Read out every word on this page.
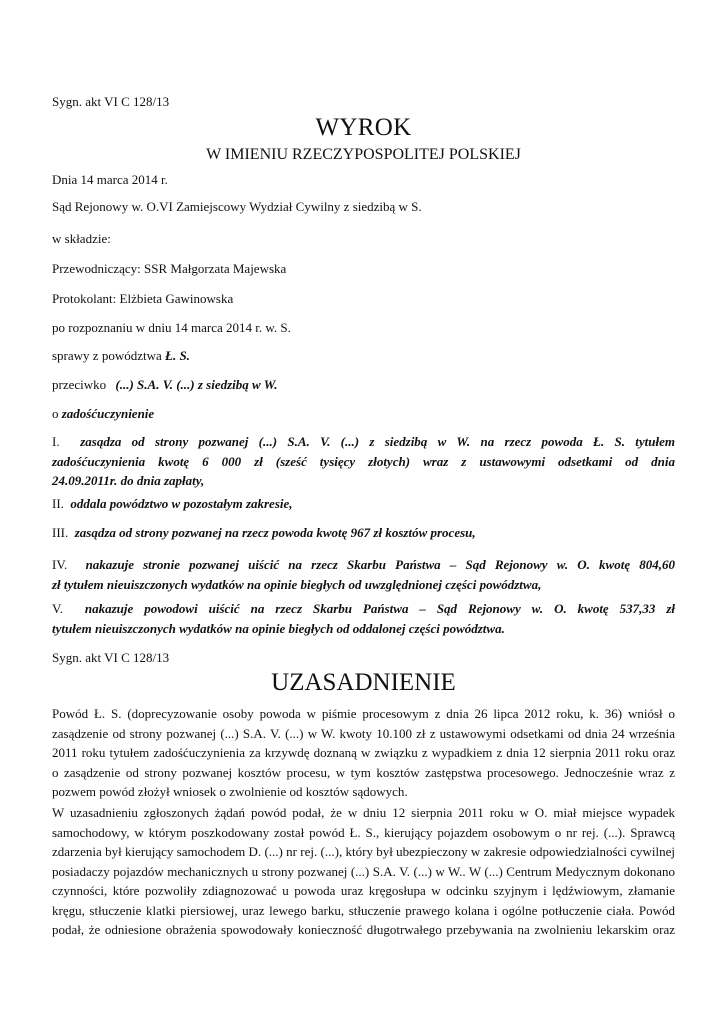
Sygn. akt VI C 128/13
WYROK
W IMIENIU RZECZYPOSPOLITEJ POLSKIEJ
Dnia 14 marca 2014 r.
Sąd Rejonowy w. O.VI Zamiejscowy Wydział Cywilny z siedzibą w S.
w składzie:
Przewodniczący: SSR Małgorzata Majewska
Protokolant: Elżbieta Gawinowska
po rozpoznaniu w dniu 14 marca 2014 r. w. S.
sprawy z powództwa Ł. S.
przeciwko (...) S.A. V. (...) z siedzibą w W.
o zadośćuczynienie
I. zasądza od strony pozwanej (...) S.A. V. (...) z siedzibą w W. na rzecz powoda Ł. S. tytułem
zadośćuczynienia kwotę 6 000 zł (sześć tysięcy złotych) wraz z ustawowymi odsetkami od dnia
24.09.2011r. do dnia zapłaty,
II. oddala powództwo w pozostałym zakresie,
III. zasądza od strony pozwanej na rzecz powoda kwotę 967 zł kosztów procesu,
IV. nakazuje stronie pozwanej uiścić na rzecz Skarbu Państwa – Sąd Rejonowy w. O. kwotę 804,60
zł tytułem nieuiszczonych wydatków na opinie biegłych od uwzględnionej części powództwa,
V. nakazuje powodowi uiścić na rzecz Skarbu Państwa – Sąd Rejonowy w. O. kwotę 537,33 zł
tytułem nieuiszczonych wydatków na opinie biegłych od oddalonej części powództwa.
Sygn. akt VI C 128/13
UZASADNIENIE
Powód Ł. S. (doprecyzowanie osoby powoda w piśmie procesowym z dnia 26 lipca 2012 roku, k. 36) wniósł o
zasądzenie od strony pozwanej (...) S.A. V. (...) w W. kwoty 10.100 zł z ustawowymi odsetkami od dnia 24 września
2011 roku tytułem zadośćuczynienia za krzywdę doznaną w związku z wypadkiem z dnia 12 sierpnia 2011 roku oraz
o zasądzenie od strony pozwanej kosztów procesu, w tym kosztów zastępstwa procesowego. Jednocześnie wraz z
pozwem powód złożył wniosek o zwolnienie od kosztów sądowych.
W uzasadnieniu zgłoszonych żądań powód podał, że w dniu 12 sierpnia 2011 roku w O. miał miejsce wypadek
samochodowy, w którym poszkodowany został powód Ł. S., kierujący pojazdem osobowym o nr rej. (...). Sprawcą
zdarzenia był kierujący samochodem D. (...) nr rej. (...), który był ubezpieczony w zakresie odpowiedzialności cywilnej
posiadaczy pojazdów mechanicznych u strony pozwanej (...) S.A. V. (...) w W.. W (...) Centrum Medycznym dokonano
czynności, które pozwoliły zdiagnozować u powoda uraz kręgosłupa w odcinku szyjnym i lędźwiowym, złamanie
kręgu, stłuczenie klatki piersiowej, uraz lewego barku, stłuczenie prawego kolana i ogólne potłuczenie ciała. Powód
podał, że odniesione obrażenia spowodowały konieczność długotrwałego przebywania na zwolnieniu lekarskim oraz
